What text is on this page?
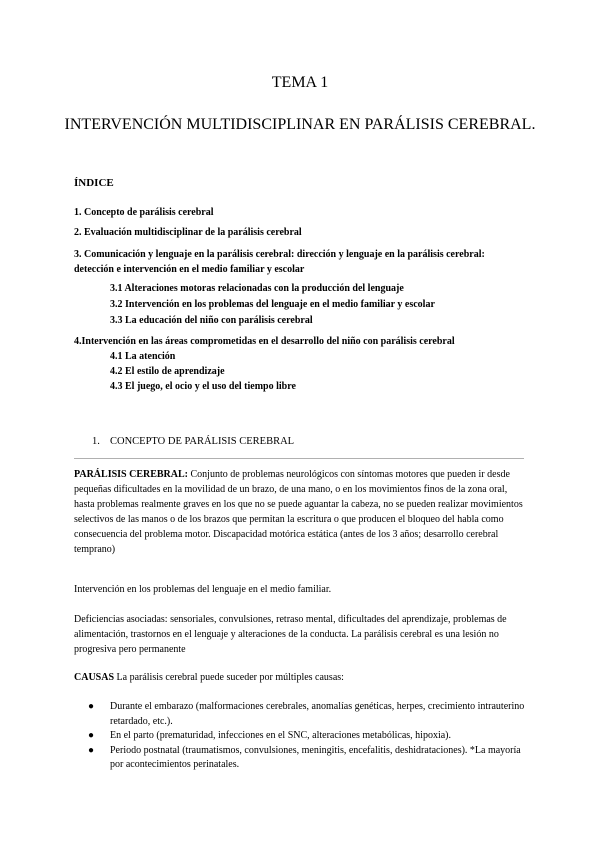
TEMA 1
INTERVENCIÓN MULTIDISCIPLINAR EN PARÁLISIS CEREBRAL.
ÍNDICE
1. Concepto de parálisis cerebral
2. Evaluación multidisciplinar de la parálisis cerebral
3. Comunicación y lenguaje en la parálisis cerebral: dirección y lenguaje en la parálisis cerebral: detección e intervención en el medio familiar y escolar
3.1 Alteraciones motoras relacionadas con la producción del lenguaje
3.2 Intervención en los problemas del lenguaje en el medio familiar y escolar
3.3 La educación del niño con parálisis cerebral
4.Intervención en las áreas comprometidas en el desarrollo del niño con parálisis cerebral
4.1 La atención
4.2 El estilo de aprendizaje
4.3 El juego, el ocio y el uso del tiempo libre
1. CONCEPTO DE PARÁLISIS CEREBRAL

PARÁLISIS CEREBRAL: Conjunto de problemas neurológicos con síntomas motores que pueden ir desde pequeñas dificultades en la movilidad de un brazo, de una mano, o en los movimientos finos de la zona oral, hasta problemas realmente graves en los que no se puede aguantar la cabeza, no se pueden realizar movimientos selectivos de las manos o de los brazos que permitan la escritura o que producen el bloqueo del habla como consecuencia del problema motor. Discapacidad motórica estática (antes de los 3 años; desarrollo cerebral temprano)

Intervención en los problemas del lenguaje en el medio familiar.

Deficiencias asociadas: sensoriales, convulsiones, retraso mental, dificultades del aprendizaje, problemas de alimentación, trastornos en el lenguaje y alteraciones de la conducta. La parálisis cerebral es una lesión no progresiva pero permanente

CAUSAS La parálisis cerebral puede suceder por múltiples causas:

● Durante el embarazo (malformaciones cerebrales, anomalías genéticas, herpes, crecimiento intrauterino retardado, etc.).
● En el parto (prematuridad, infecciones en el SNC, alteraciones metabólicas, hipoxia).
● Periodo postnatal (traumatismos, convulsiones, meningitis, encefalitis, deshidrataciones). *La mayoría por acontecimientos perinatales.
